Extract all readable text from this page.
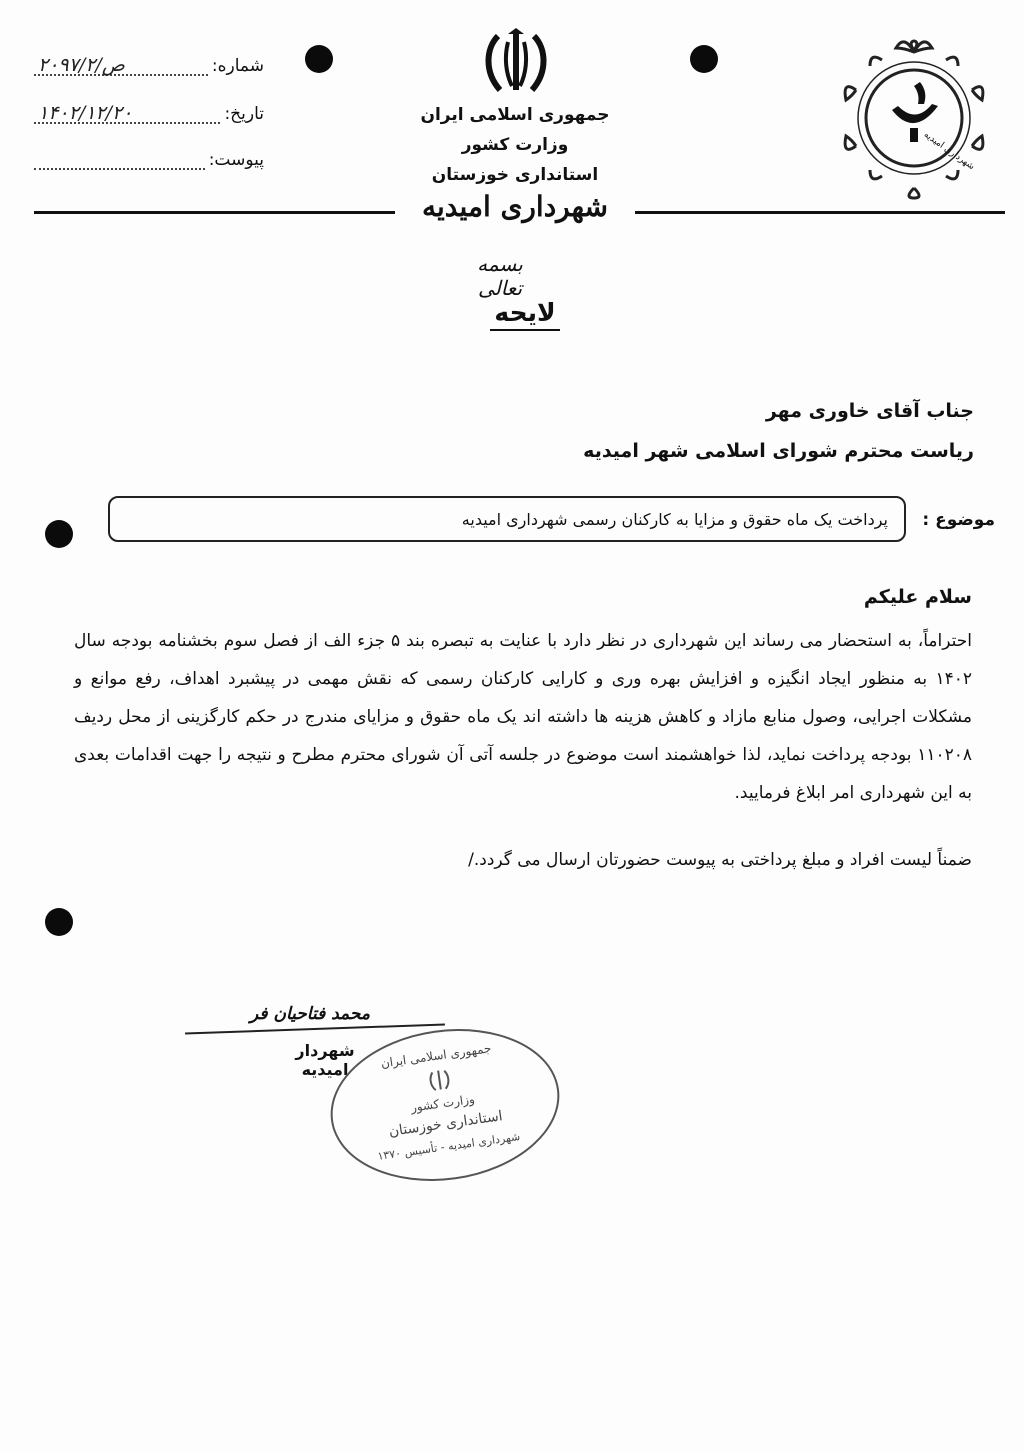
شماره:
۲۰۹۷/۲/ص
تاریخ:
۱۴۰۲/۱۲/۲۰
پیوست:
جمهوری اسلامی ایران
وزارت کشور
استانداری خوزستان
شهرداری امیدیه
شهرداری امیدیه
بسمه تعالی
لایحه
جناب آقای خاوری مهر
ریاست محترم شورای اسلامی شهر امیدیه
موضوع :
پرداخت یک ماه حقوق و مزایا به کارکنان رسمی شهرداری امیدیه
سلام علیکم
احتراماً، به استحضار می رساند این شهرداری در نظر دارد با عنایت به تبصره بند ۵ جزء الف از فصل سوم بخشنامه بودجه سال ۱۴۰۲ به منظور ایجاد انگیزه و افزایش بهره وری و کارایی کارکنان رسمی که نقش مهمی در پیشبرد اهداف، رفع موانع و مشکلات اجرایی، وصول منابع مازاد و کاهش هزینه ها داشته اند یک ماه حقوق و مزایای مندرج در حکم کارگزینی از محل ردیف ۱۱۰۲۰۸ بودجه پرداخت نماید، لذا خواهشمند است موضوع در جلسه آتی آن شورای محترم مطرح و نتیجه را جهت اقدامات بعدی به این شهرداری امر ابلاغ فرمایید.
ضمناً لیست افراد و مبلغ پرداختی به پیوست حضورتان ارسال می گردد./
محمد فتاحیان فر
شهردار امیدیه	جمهوری اسلامی ایران
وزارت کشور
استانداری خوزستان
شهرداری امیدیه - تأسیس ۱۳۷۰
